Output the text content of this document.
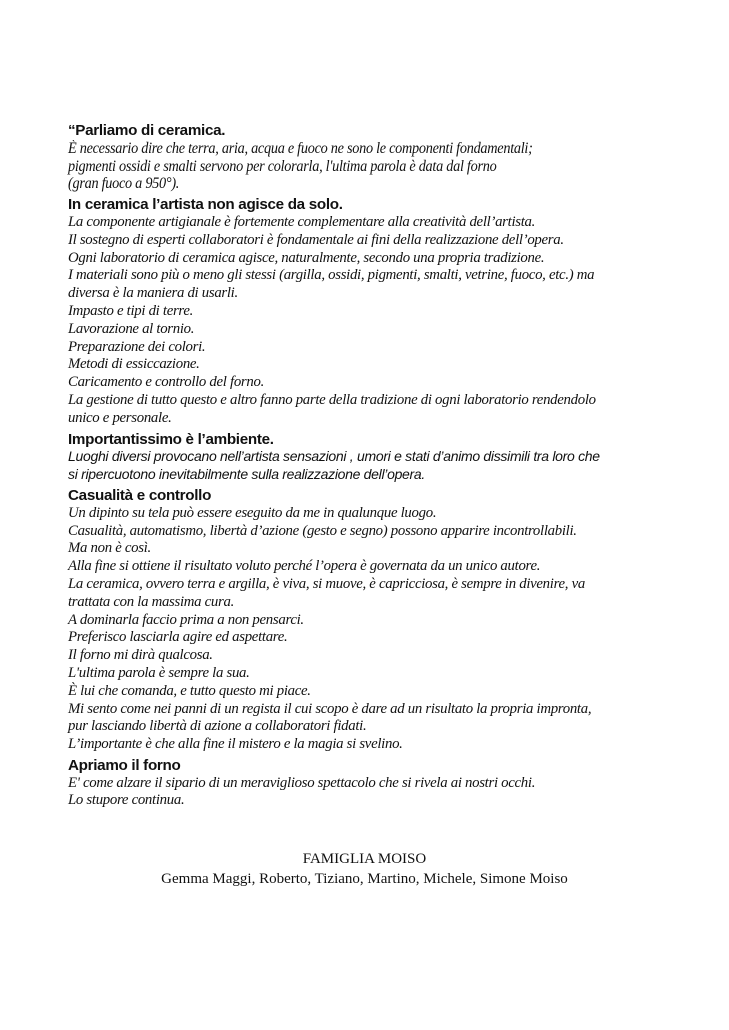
“Parliamo di ceramica.
È necessario dire che terra, aria, acqua e fuoco ne sono le componenti fondamentali;
pigmenti ossidi e smalti servono per colorarla, l'ultima parola è data dal forno
(gran fuoco a 950°).
In ceramica l’artista non agisce da solo.
La componente artigianale è fortemente complementare alla creatività dell’artista.
Il sostegno di esperti collaboratori è fondamentale ai fini della realizzazione dell’opera.
Ogni laboratorio di ceramica agisce, naturalmente, secondo una propria tradizione.
I materiali sono più o meno gli stessi (argilla, ossidi, pigmenti, smalti, vetrine, fuoco, etc.) ma
diversa è la maniera di usarli.
Impasto e tipi di terre.
Lavorazione al tornio.
Preparazione dei colori.
Metodi di essiccazione.
Caricamento e controllo del forno.
La gestione di tutto questo e altro fanno parte della tradizione di ogni laboratorio rendendolo
unico e personale.
Importantissimo è l’ambiente.
Luoghi diversi provocano nell’artista sensazioni , umori e stati d’animo dissimili tra loro che
si ripercuotono inevitabilmente sulla realizzazione dell’opera.
Casualità e controllo
Un dipinto su tela può essere eseguito da me in qualunque luogo.
Casualità, automatismo, libertà d’azione (gesto e segno) possono apparire incontrollabili.
Ma non è così.
Alla fine si ottiene il risultato voluto perché l’opera è governata da un unico autore.
La ceramica, ovvero terra e argilla, è viva, si muove, è capricciosa, è sempre in divenire, va
trattata con la massima cura.
A dominarla faccio prima a non pensarci.
Preferisco lasciarla agire ed aspettare.
Il forno mi dirà qualcosa.
L'ultima parola è sempre la sua.
È lui che comanda, e tutto questo mi piace.
Mi sento come nei panni di un regista il cui scopo è dare ad un risultato la propria impronta,
pur lasciando libertà di azione a collaboratori fidati.
L’importante è che alla fine il mistero e la magia si svelino.
Apriamo il forno
E' come alzare il sipario di un meraviglioso spettacolo che si rivela ai nostri occhi.
Lo stupore continua.
FAMIGLIA MOISO
Gemma Maggi, Roberto, Tiziano, Martino, Michele, Simone Moiso
